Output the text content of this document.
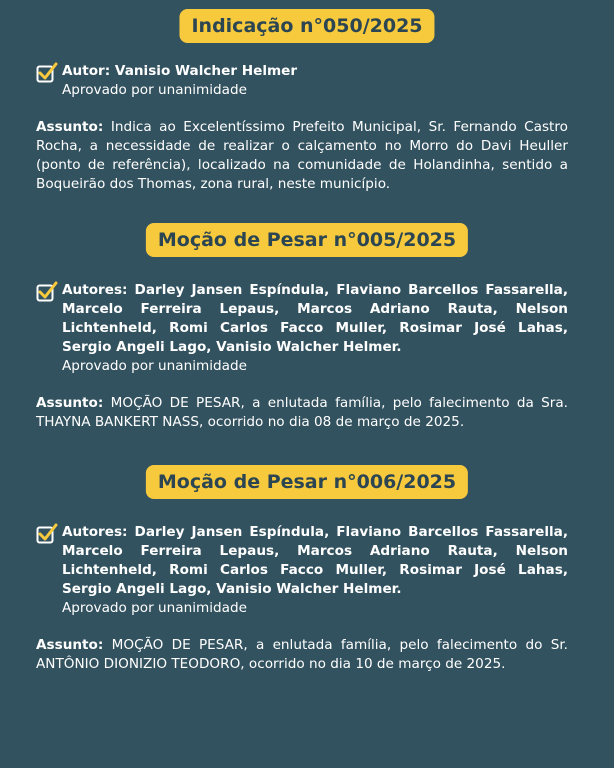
Indicação n°050/2025
Autor: Vanisio Walcher Helmer
Aprovado por unanimidade
Assunto: Indica ao Excelentíssimo Prefeito Municipal, Sr. Fernando Castro Rocha, a necessidade de realizar o calçamento no Morro do Davi Heuller (ponto de referência), localizado na comunidade de Holandinha, sentido a Boqueirão dos Thomas, zona rural, neste município.
Moção de Pesar n°005/2025
Autores: Darley Jansen Espíndula, Flaviano Barcellos Fassarella, Marcelo Ferreira Lepaus, Marcos Adriano Rauta, Nelson Lichtenheld, Romi Carlos Facco Muller, Rosimar José Lahas, Sergio Angeli Lago, Vanisio Walcher Helmer.
Aprovado por unanimidade
Assunto: MOÇÃO DE PESAR, a enlutada família, pelo falecimento da Sra. THAYNA BANKERT NASS, ocorrido no dia 08 de março de 2025.
Moção de Pesar n°006/2025
Autores: Darley Jansen Espíndula, Flaviano Barcellos Fassarella, Marcelo Ferreira Lepaus, Marcos Adriano Rauta, Nelson Lichtenheld, Romi Carlos Facco Muller, Rosimar José Lahas, Sergio Angeli Lago, Vanisio Walcher Helmer.
Aprovado por unanimidade
Assunto: MOÇÃO DE PESAR, a enlutada família, pelo falecimento do Sr. ANTÔNIO DIONIZIO TEODORO, ocorrido no dia 10 de março de 2025.
